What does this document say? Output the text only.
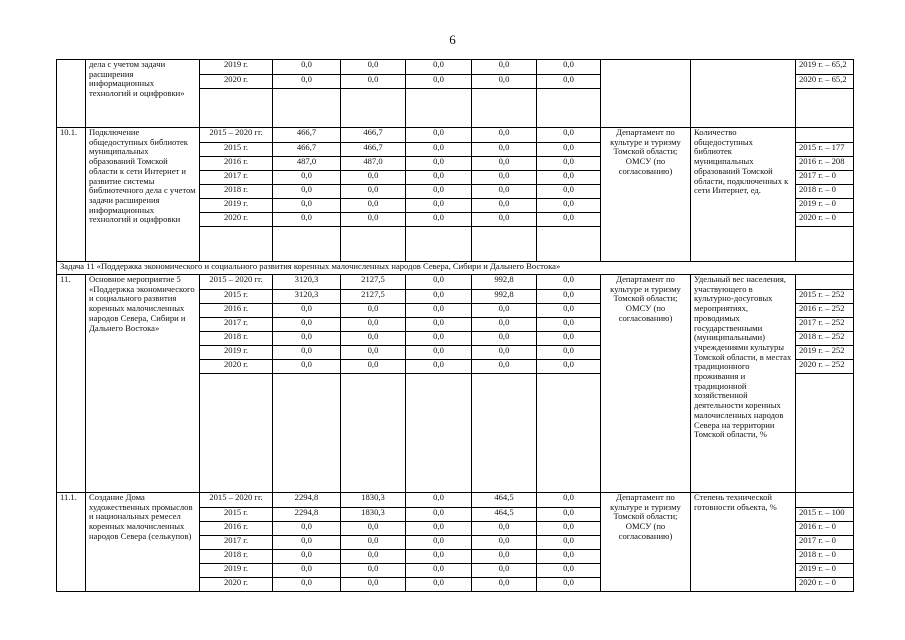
6
	дела с учетом задачи расширения информационных технологий и оцифровки»	2019 г.	0,0	0,0	0,0	0,0	0,0			2019 г. – 65,2
		2020 г.	0,0	0,0	0,0	0,0	0,0			2020 г. – 65,2

10.1.	Подключение общедоступных библиотек муниципальных образований Томской области к сети Интернет и развитие системы библиотечного дела с учетом задачи расширения информационных технологий и оцифровки	2015 – 2020 гг.	466,7	466,7	0,0	0,0	0,0	Департамент по культуре и туризму Томской области; ОМСУ (по согласованию)	Количество общедоступных библиотек муниципальных образований Томской области, подключенных к сети Интернет, ед.	
		2015 г.	466,7	466,7	0,0	0,0	0,0			2015 г. – 177
		2016 г.	487,0	487,0	0,0	0,0	0,0			2016 г. – 208
		2017 г.	0,0	0,0	0,0	0,0	0,0			2017 г. – 0
		2018 г.	0,0	0,0	0,0	0,0	0,0			2018 г. – 0
		2019 г.	0,0	0,0	0,0	0,0	0,0			2019 г. – 0
		2020 г.	0,0	0,0	0,0	0,0	0,0			2020 г. – 0

Задача 11 «Поддержка экономического и социального развития коренных малочисленных народов Севера, Сибири и Дальнего Востока»										
11.	Основное мероприятие 5 «Поддержка экономического и социального развития коренных малочисленных народов Севера, Сибири и Дальнего Востока»	2015 – 2020 гг.	3120,3	2127,5	0,0	992,8	0,0	Департамент по культуре и туризму Томской области; ОМСУ (по согласованию)	Удельный вес населения, участвующего в культурно-досуговых мероприятиях, проводимых государственными (муниципальными) учреждениями культуры Томской области, в местах традиционного проживания и традиционной хозяйственной деятельности коренных малочисленных народов Севера на территории Томской области, %	
		2015 г.	3120,3	2127,5	0,0	992,8	0,0			2015 г. – 252
		2016 г.	0,0	0,0	0,0	0,0	0,0			2016 г. – 252
		2017 г.	0,0	0,0	0,0	0,0	0,0			2017 г. – 252
		2018 г.	0,0	0,0	0,0	0,0	0,0			2018 г. – 252
		2019 г.	0,0	0,0	0,0	0,0	0,0			2019 г. – 252
		2020 г.	0,0	0,0	0,0	0,0	0,0			2020 г. – 252

11.1.	Создание Дома художественных промыслов и национальных ремесел коренных малочисленных народов Севера (селькупов)	2015 – 2020 гг.	2294,8	1830,3	0,0	464,5	0,0	Департамент по культуре и туризму Томской области; ОМСУ (по согласованию)	Степень технической готовности объекта, %	
		2015 г.	2294,8	1830,3	0,0	464,5	0,0			2015 г. – 100
		2016 г.	0,0	0,0	0,0	0,0	0,0			2016 г. – 0
		2017 г.	0,0	0,0	0,0	0,0	0,0			2017 г. – 0
		2018 г.	0,0	0,0	0,0	0,0	0,0			2018 г. – 0
		2019 г.	0,0	0,0	0,0	0,0	0,0			2019 г. – 0
		2020 г.	0,0	0,0	0,0	0,0	0,0			2020 г. – 0
